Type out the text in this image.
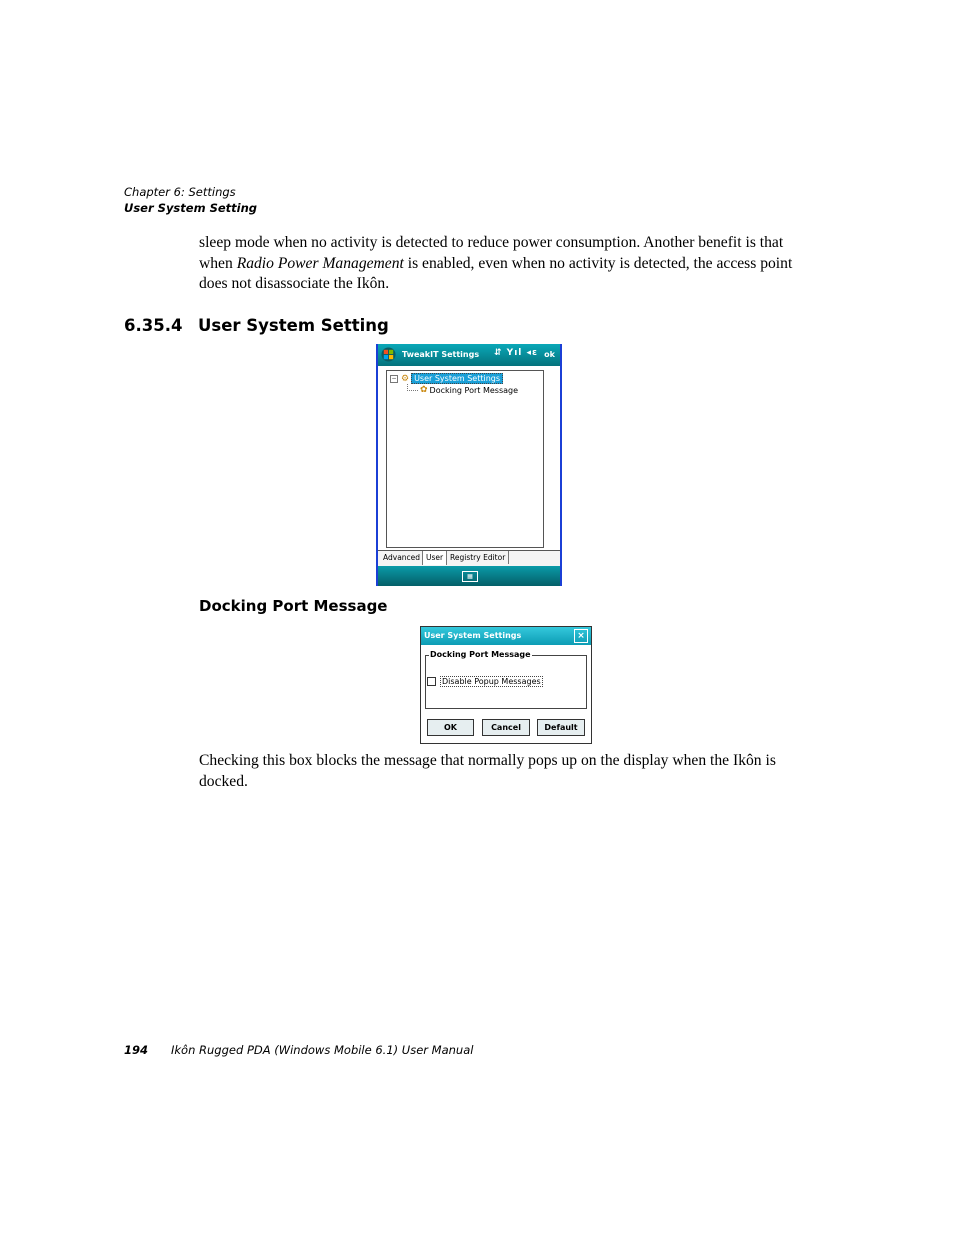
Chapter 6: Settings
User System Setting
sleep mode when no activity is detected to reduce power consumption. Another benefit is that when Radio Power Management is enabled, even when no activity is detected, the access point does not disassociate the Ikôn.
6.35.4 User System Setting
TweakIT Settings ⇵ Yıl ◂ε ok
− ⚙ User System Settings
✿ Docking Port Message
Advanced User Registry Editor
▦
Docking Port Message
User System Settings	×
Docking Port Message
Disable Popup Messages
OK	Cancel	Default
Checking this box blocks the message that normally pops up on the display when the Ikôn is docked.
194 Ikôn Rugged PDA (Windows Mobile 6.1) User Manual
